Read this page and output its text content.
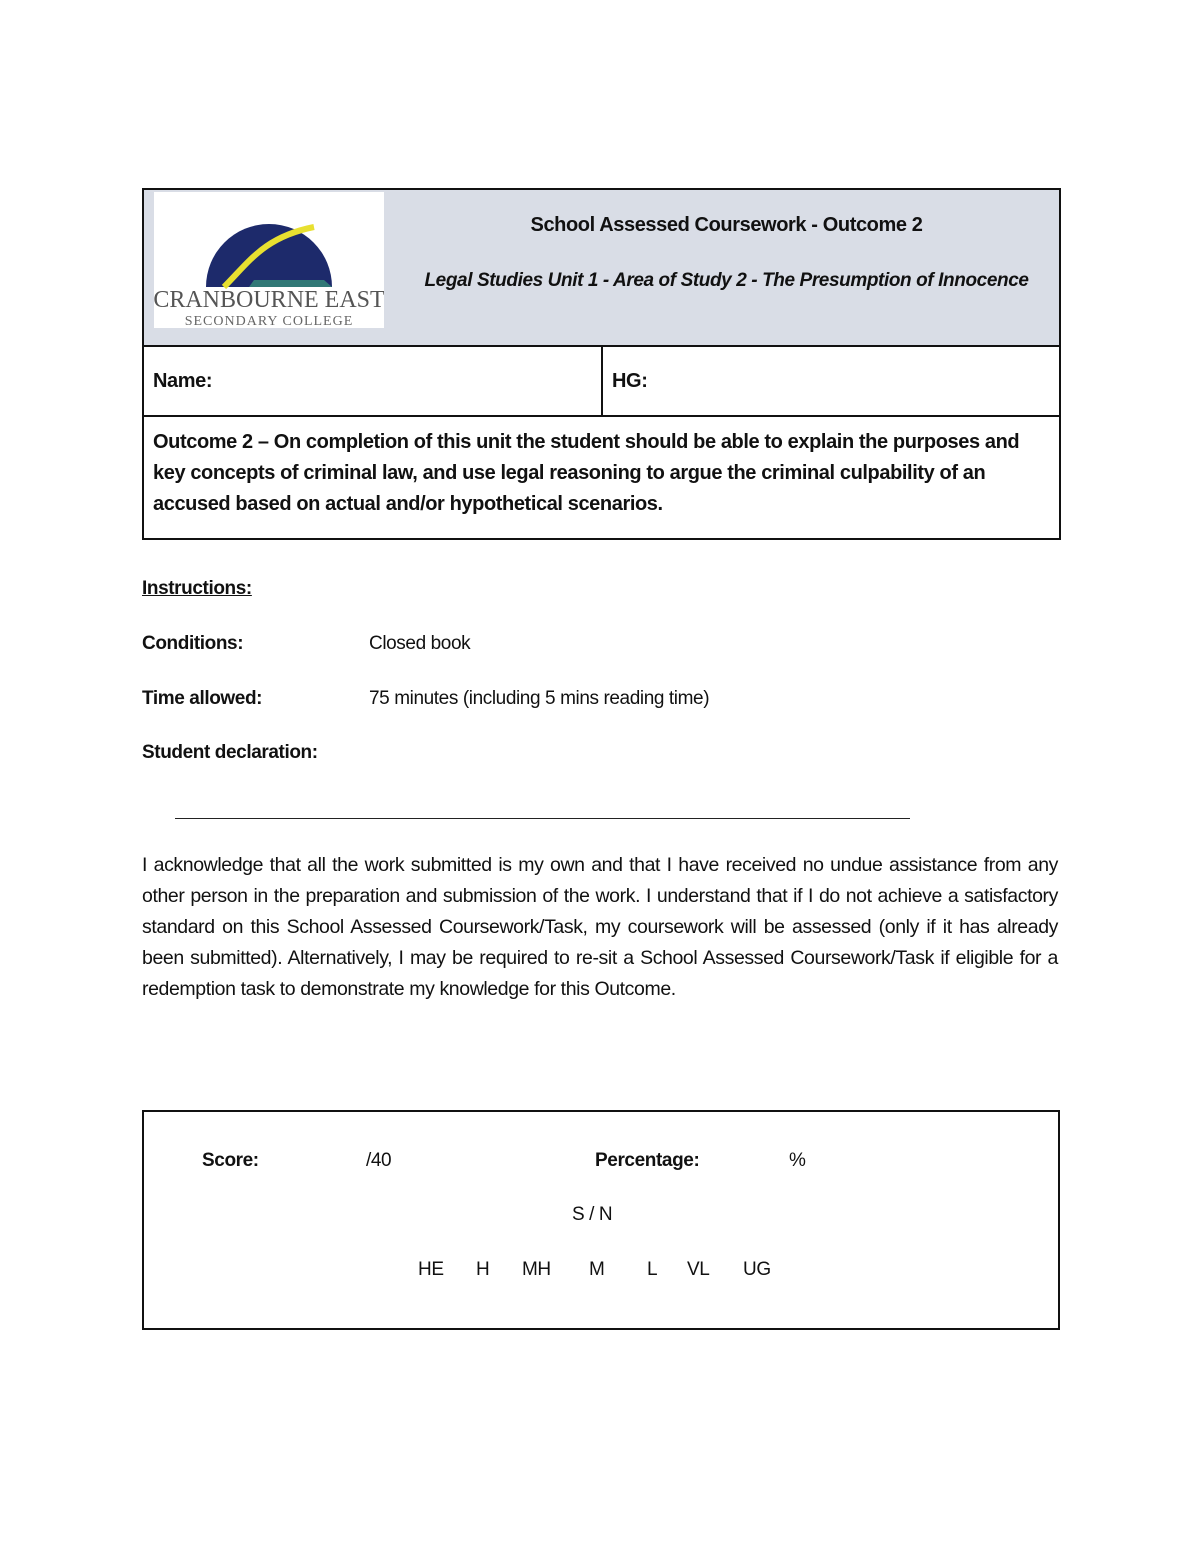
CRANBOURNE EAST
SECONDARY COLLEGE
School Assessed Coursework - Outcome 2
Legal Studies Unit 1 - Area of Study 2 - The Presumption of Innocence

Name:	HG:
Outcome 2 – On completion of this unit the student should be able to explain the purposes and key concepts of criminal law, and use legal reasoning to argue the criminal culpability of an accused based on actual and/or hypothetical scenarios.
Instructions:
Conditions:	Closed book
Time allowed:	75 minutes (including 5 mins reading time)
Student declaration:
I acknowledge that all the work submitted is my own and that I have received no undue assistance from any other person in the preparation and submission of the work. I understand that if I do not achieve a satisfactory standard on this School Assessed Coursework/Task, my coursework will be assessed (only if it has already been submitted). Alternatively, I may be required to re-sit a School Assessed Coursework/Task if eligible for a redemption task to demonstrate my knowledge for this Outcome.
Score:	/40	Percentage:	%
S / N
HE H MH M L VL UG
